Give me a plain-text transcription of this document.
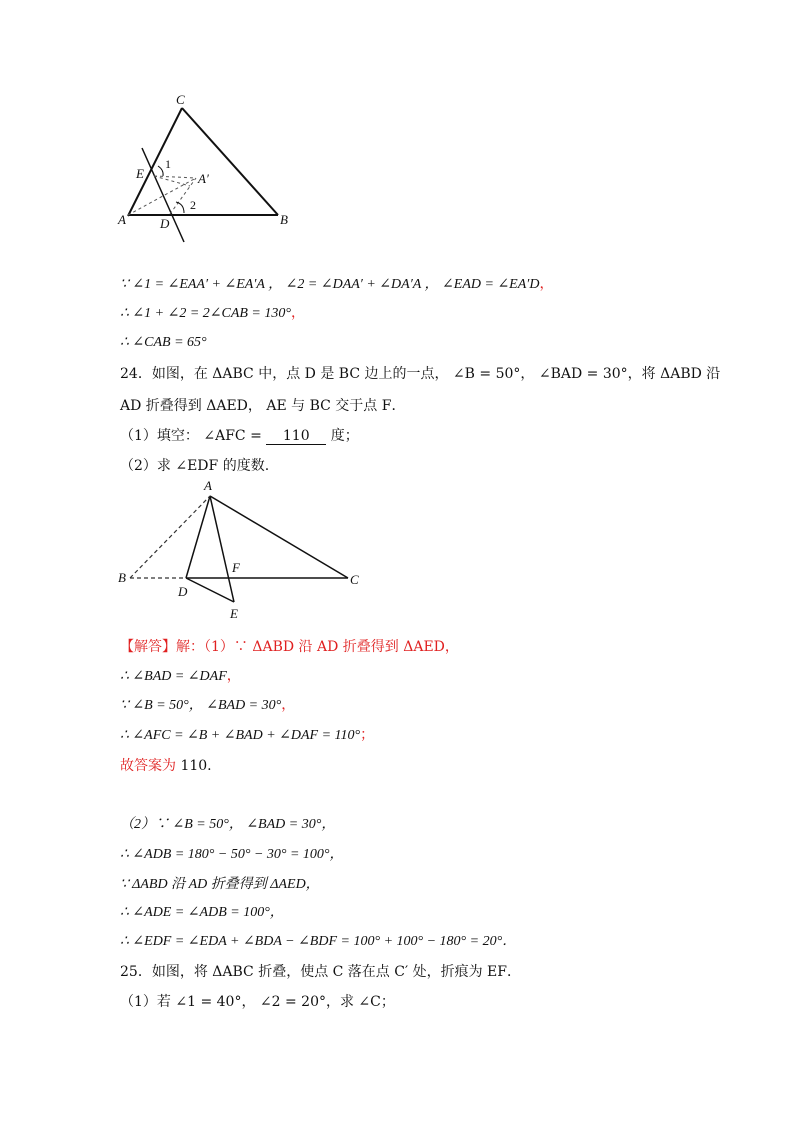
C
E
1
A′
2
A	D	B
∵ ∠1 = ∠EAA′ + ∠EA′A ， ∠2 = ∠DAA′ + ∠DA′A ， ∠EAD = ∠EA′D，
∴ ∠1 + ∠2 = 2∠CAB = 130°，
∴ ∠CAB = 65°
24．如图，在 ΔABC 中，点 D 是 BC 边上的一点， ∠B = 50°， ∠BAD = 30°，将 ΔABD 沿
AD 折叠得到 ΔAED， AE 与 BC 交于点 F．
（1）填空： ∠AFC = 110 度；
（2）求 ∠EDF 的度数.
A
B	C
D
F
E
【解答】解：（1）∵ ΔABD 沿 AD 折叠得到 ΔAED，
∴ ∠BAD = ∠DAF，
∵ ∠B = 50°， ∠BAD = 30°，
∴ ∠AFC = ∠B + ∠BAD + ∠DAF = 110°；
故答案为 110.
（2）∵ ∠B = 50°， ∠BAD = 30°，
∴ ∠ADB = 180° − 50° − 30° = 100°，
∵ ΔABD 沿 AD 折叠得到 ΔAED，
∴ ∠ADE = ∠ADB = 100°，
∴ ∠EDF = ∠EDA + ∠BDA − ∠BDF = 100° + 100° − 180° = 20°．
25．如图，将 ΔABC 折叠，使点 C 落在点 C′ 处，折痕为 EF．
（1）若 ∠1 = 40°， ∠2 = 20°，求 ∠C；
